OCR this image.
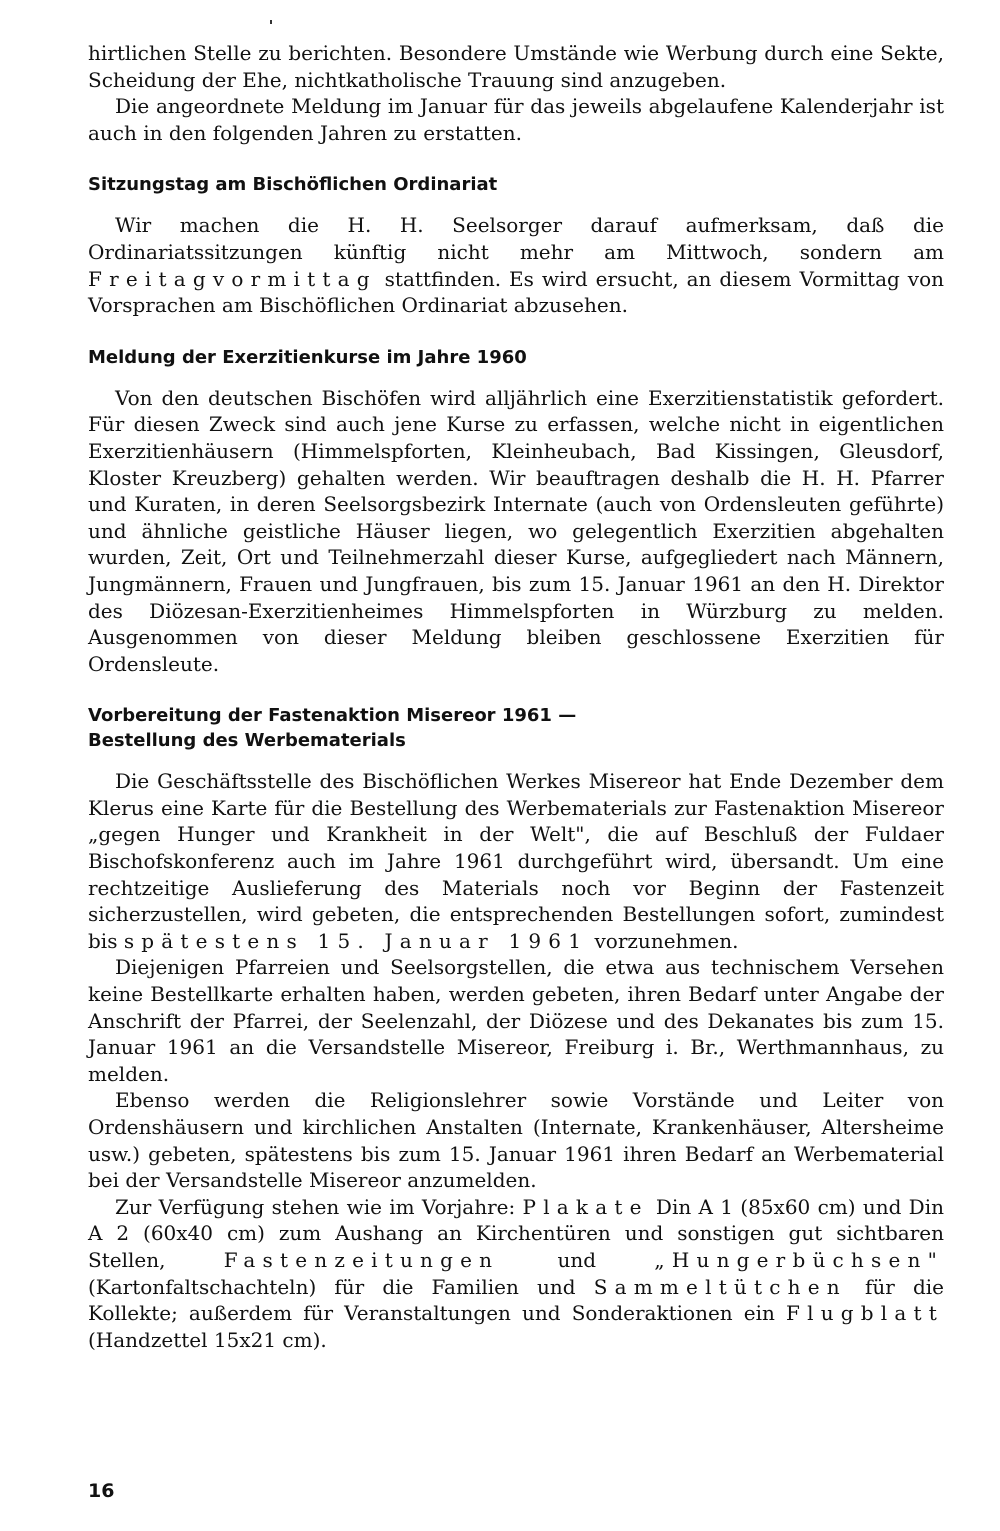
hirtlichen Stelle zu berichten. Besondere Umstände wie Werbung durch eine Sekte, Scheidung der Ehe, nichtkatholische Trauung sind anzugeben.

Die angeordnete Meldung im Januar für das jeweils abgelaufene Kalenderjahr ist auch in den folgenden Jahren zu erstatten.

Sitzungstag am Bischöflichen Ordinariat

Wir machen die H. H. Seelsorger darauf aufmerksam, daß die Ordinariatssitzungen künftig nicht mehr am Mittwoch, sondern am Freitagvormittag stattfinden. Es wird ersucht, an diesem Vormittag von Vorsprachen am Bischöflichen Ordinariat abzusehen.

Meldung der Exerzitienkurse im Jahre 1960

Von den deutschen Bischöfen wird alljährlich eine Exerzitienstatistik gefordert. Für diesen Zweck sind auch jene Kurse zu erfassen, welche nicht in eigentlichen Exerzitienhäusern (Himmelspforten, Kleinheubach, Bad Kissingen, Gleusdorf, Kloster Kreuzberg) gehalten werden. Wir beauftragen deshalb die H. H. Pfarrer und Kuraten, in deren Seelsorgsbezirk Internate (auch von Ordensleuten geführte) und ähnliche geistliche Häuser liegen, wo gelegentlich Exerzitien abgehalten wurden, Zeit, Ort und Teilnehmerzahl dieser Kurse, aufgegliedert nach Männern, Jungmännern, Frauen und Jungfrauen, bis zum 15. Januar 1961 an den H. Direktor des Diözesan-Exerzitienheimes Himmelspforten in Würzburg zu melden. Ausgenommen von dieser Meldung bleiben geschlossene Exerzitien für Ordensleute.

Vorbereitung der Fastenaktion Misereor 1961 —
Bestellung des Werbematerials

Die Geschäftsstelle des Bischöflichen Werkes Misereor hat Ende Dezember dem Klerus eine Karte für die Bestellung des Werbematerials zur Fastenaktion Misereor „gegen Hunger und Krankheit in der Welt", die auf Beschluß der Fuldaer Bischofskonferenz auch im Jahre 1961 durchgeführt wird, übersandt. Um eine rechtzeitige Auslieferung des Materials noch vor Beginn der Fastenzeit sicherzustellen, wird gebeten, die entsprechenden Bestellungen sofort, zumindest bis spätestens 15. Januar 1961 vorzunehmen.

Diejenigen Pfarreien und Seelsorgstellen, die etwa aus technischem Versehen keine Bestellkarte erhalten haben, werden gebeten, ihren Bedarf unter Angabe der Anschrift der Pfarrei, der Seelenzahl, der Diözese und des Dekanates bis zum 15. Januar 1961 an die Versandstelle Misereor, Freiburg i. Br., Werthmannhaus, zu melden.

Ebenso werden die Religionslehrer sowie Vorstände und Leiter von Ordenshäusern und kirchlichen Anstalten (Internate, Krankenhäuser, Altersheime usw.) gebeten, spätestens bis zum 15. Januar 1961 ihren Bedarf an Werbematerial bei der Versandstelle Misereor anzumelden.

Zur Verfügung stehen wie im Vorjahre: Plakate Din A 1 (85x60 cm) und Din A 2 (60x40 cm) zum Aushang an Kirchentüren und sonstigen gut sichtbaren Stellen, Fastenzeitungen und „Hungerbüchsen" (Kartonfaltschachteln) für die Familien und Sammeltütchen für die Kollekte; außerdem für Veranstaltungen und Sonderaktionen ein Flugblatt (Handzettel 15x21 cm).

16
